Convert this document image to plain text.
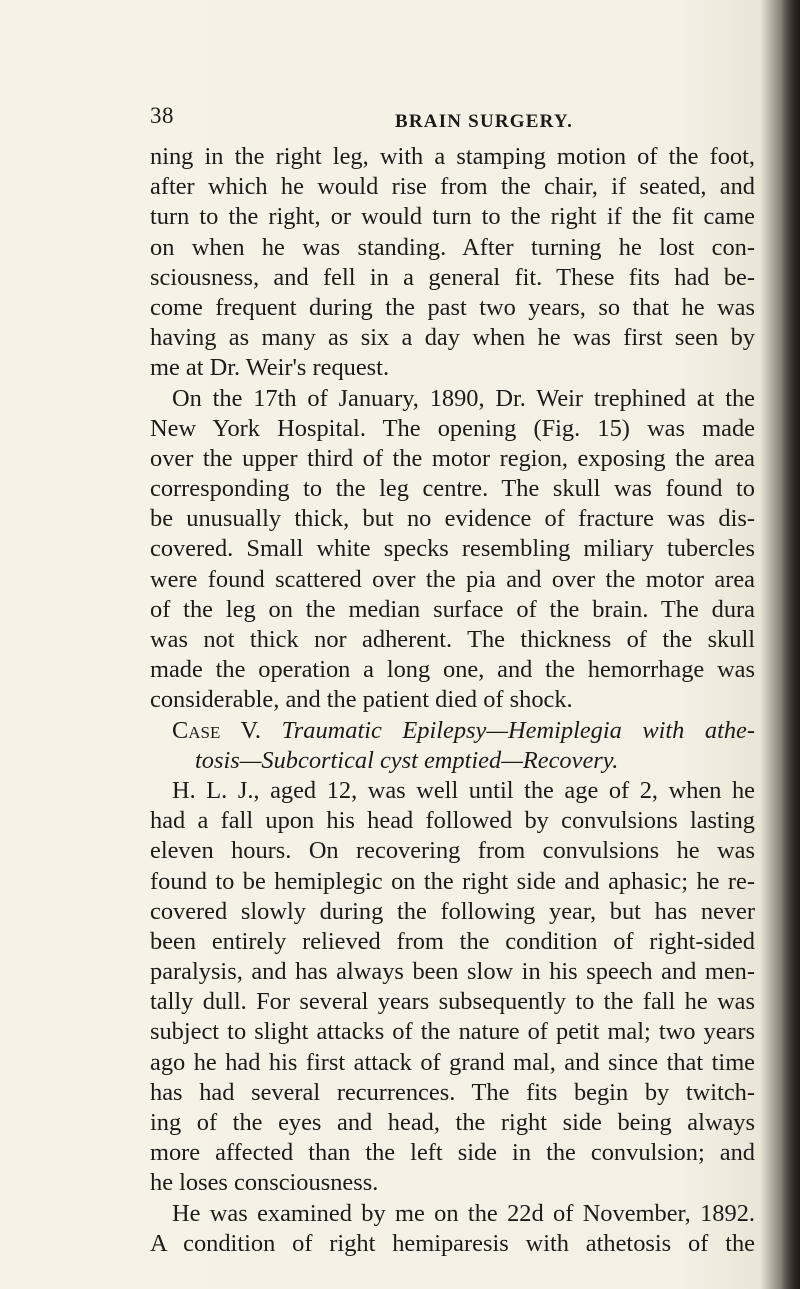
38	BRAIN SURGERY.
ning in the right leg, with a stamping motion of the foot,
after which he would rise from the chair, if seated, and
turn to the right, or would turn to the right if the fit came
on when he was standing. After turning he lost con-
sciousness, and fell in a general fit. These fits had be-
come frequent during the past two years, so that he was
having as many as six a day when he was first seen by
me at Dr. Weir's request.
On the 17th of January, 1890, Dr. Weir trephined at the
New York Hospital. The opening (Fig. 15) was made
over the upper third of the motor region, exposing the area
corresponding to the leg centre. The skull was found to
be unusually thick, but no evidence of fracture was dis-
covered. Small white specks resembling miliary tubercles
were found scattered over the pia and over the motor area
of the leg on the median surface of the brain. The dura
was not thick nor adherent. The thickness of the skull
made the operation a long one, and the hemorrhage was
considerable, and the patient died of shock.
Case V. Traumatic Epilepsy—Hemiplegia with athe-
tosis—Subcortical cyst emptied—Recovery.
H. L. J., aged 12, was well until the age of 2, when he
had a fall upon his head followed by convulsions lasting
eleven hours. On recovering from convulsions he was
found to be hemiplegic on the right side and aphasic; he re-
covered slowly during the following year, but has never
been entirely relieved from the condition of right-sided
paralysis, and has always been slow in his speech and men-
tally dull. For several years subsequently to the fall he was
subject to slight attacks of the nature of petit mal; two years
ago he had his first attack of grand mal, and since that time
has had several recurrences. The fits begin by twitch-
ing of the eyes and head, the right side being always
more affected than the left side in the convulsion; and
he loses consciousness.
He was examined by me on the 22d of November, 1892.
A condition of right hemiparesis with athetosis of the
